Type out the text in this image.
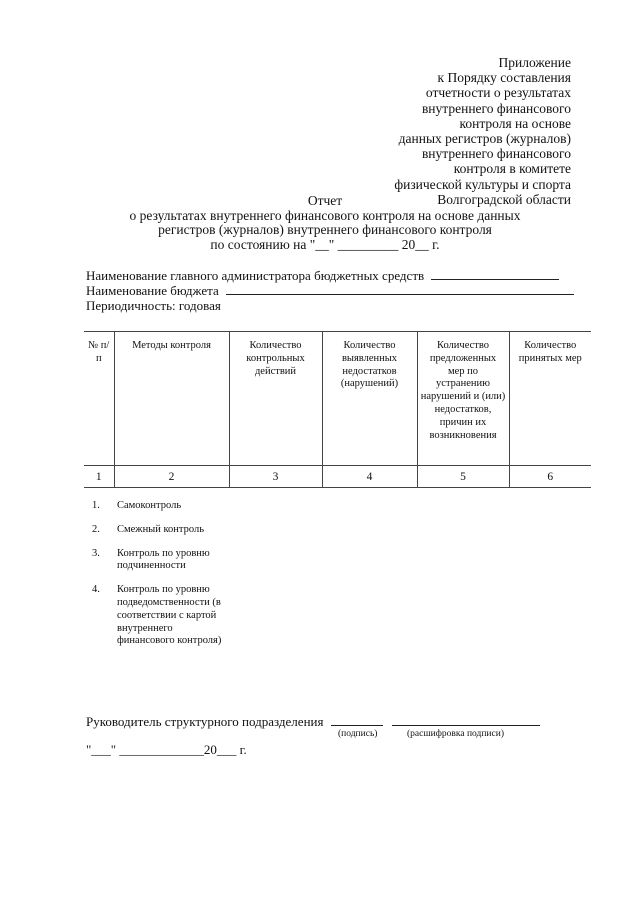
Приложение
к Порядку составления
отчетности о результатах
внутреннего финансового
контроля на основе
данных регистров (журналов)
внутреннего финансового
контроля в комитете
физической культуры и спорта
Волгоградской области
Отчет
о результатах внутреннего финансового контроля на основе данных
регистров (журналов) внутреннего финансового контроля
по состоянию на "__" _________ 20__ г.
Наименование главного администратора бюджетных средств
Наименование бюджета
Периодичность: годовая
№ п/п	Методы контроля	Количество контрольных действий	Количество выявленных недостатков (нарушений)	Количество предложенных мер по устранению нарушений и (или) недостатков, причин их возникновения	Количество принятых мер
1	2	3	4	5	6
1.	Самоконтроль
2.	Смежный контроль
3.	Контроль по уровню подчиненности
4.	Контроль по уровню подведомственности (в соответствии с картой внутреннего финансового контроля)
Руководитель структурного подразделения
(подпись)	(расшифровка подписи)
"___" _____________20___ г.
